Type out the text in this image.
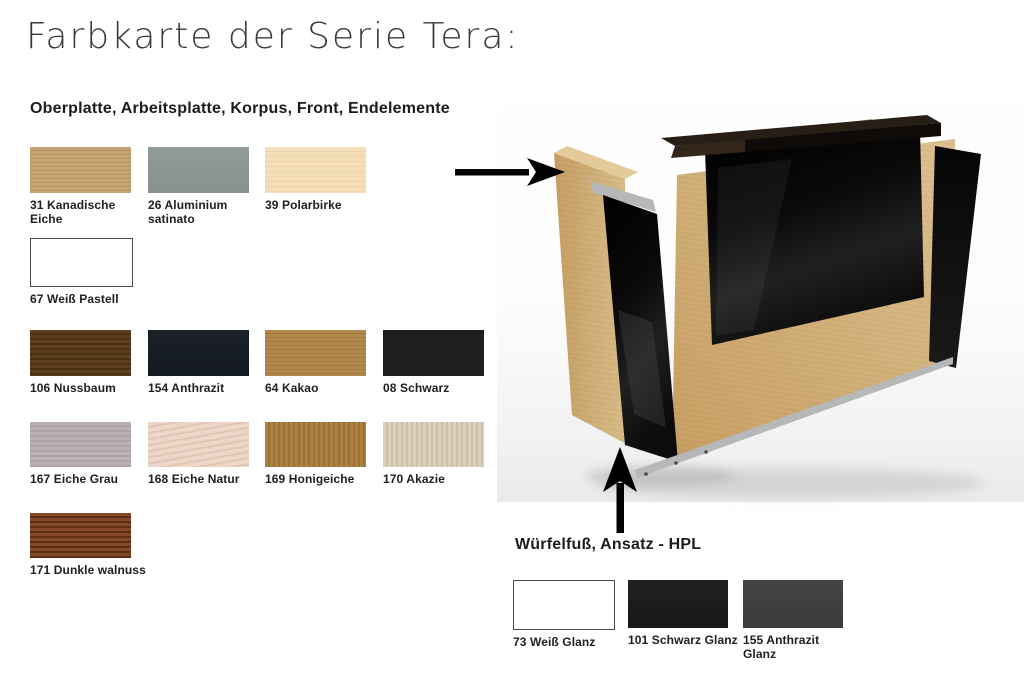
Farbkarte der Serie Tera:
Oberplatte, Arbeitsplatte, Korpus, Front, Endelemente
31 Kanadische Eiche
26 Aluminium satinato
39 Polarbirke
67 Weiß Pastell
106 Nussbaum	154 Anthrazit	64 Kakao	08 Schwarz
167 Eiche Grau	168 Eiche Natur	169 Honigeiche	170 Akazie
171 Dunkle walnuss
Würfelfuß, Ansatz - HPL
73 Weiß Glanz	101 Schwarz Glanz 155 Anthrazit Glanz
